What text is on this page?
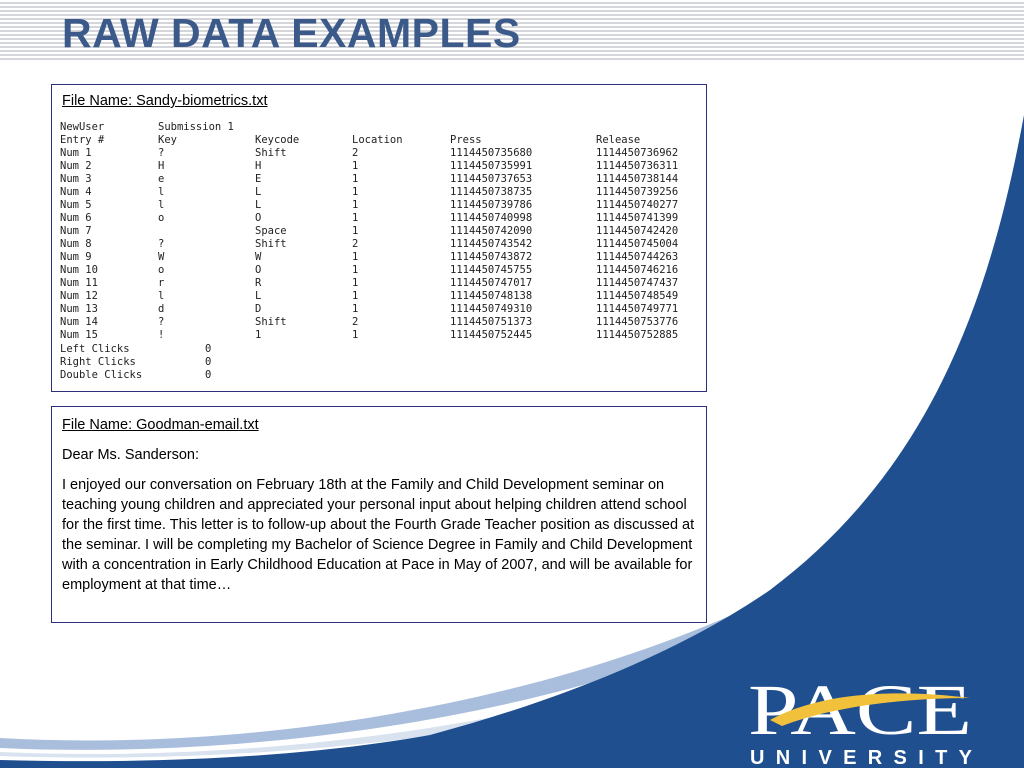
RAW DATA EXAMPLES

File Name: Sandy-biometrics.txt

NewUser	Submission 1				
Entry #	Key	Keycode	Location	Press	Release
Num 1	?	Shift	2	1114450735680	1114450736962
Num 2	H	H	1	1114450735991	1114450736311
Num 3	e	E	1	1114450737653	1114450738144
Num 4	l	L	1	1114450738735	1114450739256
Num 5	l	L	1	1114450739786	1114450740277
Num 6	o	O	1	1114450740998	1114450741399
Num 7		Space	1	1114450742090	1114450742420
Num 8	?	Shift	2	1114450743542	1114450745004
Num 9	W	W	1	1114450743872	1114450744263
Num 10	o	O	1	1114450745755	1114450746216
Num 11	r	R	1	1114450747017	1114450747437
Num 12	l	L	1	1114450748138	1114450748549
Num 13	d	D	1	1114450749310	1114450749771
Num 14	?	Shift	2	1114450751373	1114450753776
Num 15	!	1	1	1114450752445	1114450752885
Left Clicks	0
Right Clicks	0
Double Clicks	0

File Name: Goodman-email.txt

Dear Ms. Sanderson:

I enjoyed our conversation on February 18th at the Family and Child Development seminar on teaching young children and appreciated your personal input about helping children attend school for the first time. This letter is to follow-up about the Fourth Grade Teacher position as discussed at the seminar. I will be completing my Bachelor of Science Degree in Family and Child Development with a concentration in Early Childhood Education at Pace in May of 2007, and will be available for employment at that time…

PACE
UNIVERSITY
